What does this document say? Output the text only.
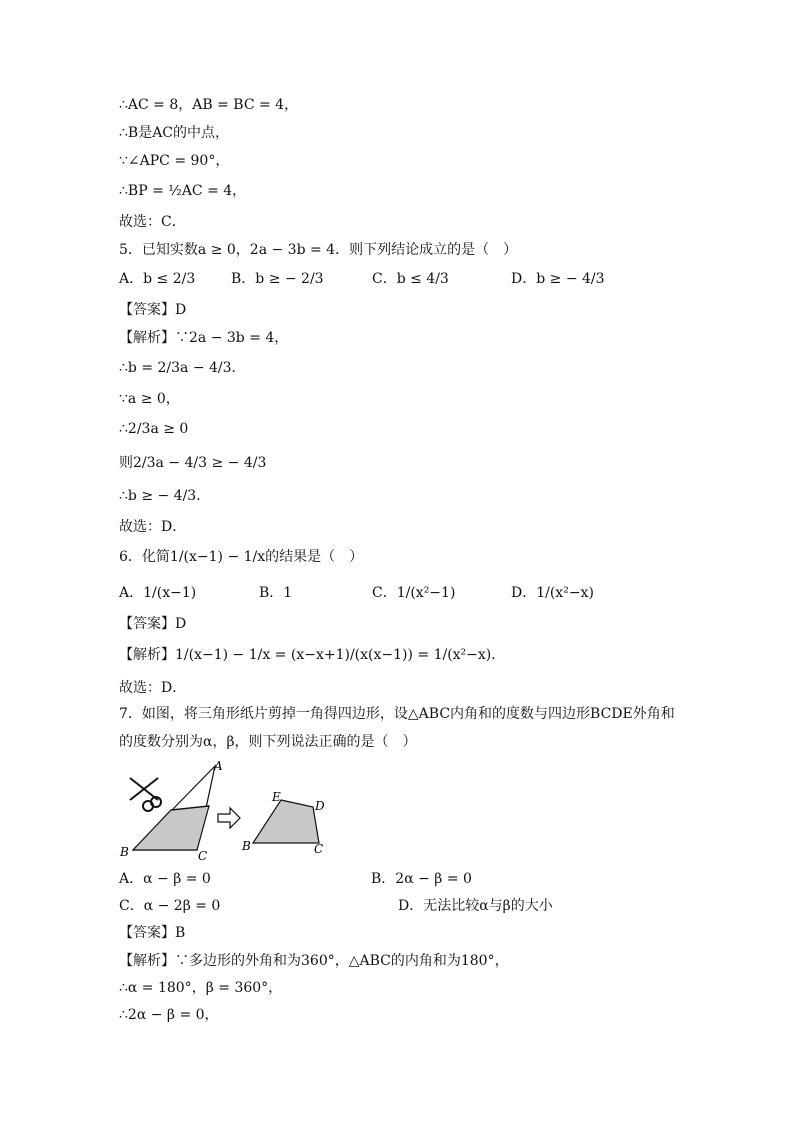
∴AC = 8，AB = BC = 4，
∴B是AC的中点，
∵∠APC = 90°，
∴BP = ½AC = 4，
故选：C．
5．已知实数a ≥ 0，2a − 3b = 4．则下列结论成立的是（　）
A．b ≤ 2/3	B．b ≥ − 2/3	C．b ≤ 4/3	D．b ≥ − 4/3
【答案】D
【解析】∵2a − 3b = 4，
∴b = 2/3a − 4/3．
∵a ≥ 0，
∴2/3a ≥ 0
则2/3a − 4/3 ≥ − 4/3
∴b ≥ − 4/3．
故选：D．
6．化简1/(x−1) − 1/x的结果是（　）
A．1/(x−1)	B．1	C．1/(x²−1)	D．1/(x²−x)
【答案】D
【解析】1/(x−1) − 1/x = (x−x+1)/(x(x−1)) = 1/(x²−x)．
故选：D．
7．如图，将三角形纸片剪掉一角得四边形，设△ABC内角和的度数与四边形BCDE外角和
的度数分别为α，β，则下列说法正确的是（　）
A
B	C
E
D
B	C
A．α − β = 0	B．2α − β = 0
C．α − 2β = 0	D．无法比较α与β的大小
【答案】B
【解析】∵多边形的外角和为360°，△ABC的内角和为180°，
∴α = 180°，β = 360°，
∴2α − β = 0，
